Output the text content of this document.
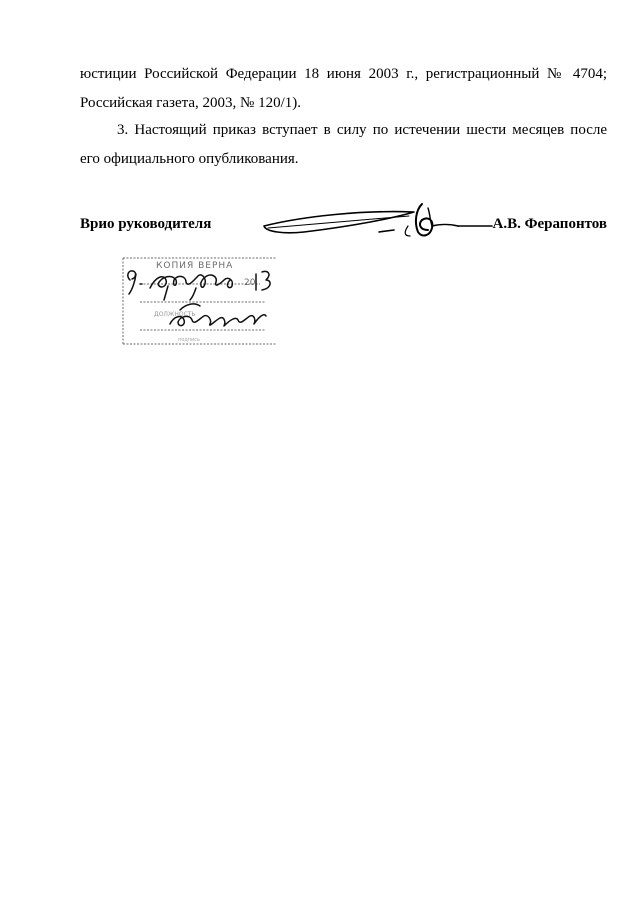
юстиции Российской Федерации 18 июня 2003 г., регистрационный № 4704;
Российская газета, 2003, № 120/1).
3. Настоящий приказ вступает в силу по истечении шести месяцев после
его официального опубликования.
Врио руководителя	А.В. Ферапонтов
КОПИЯ ВЕРНА
ДОЛЖНОСТЬ
подпись
20
